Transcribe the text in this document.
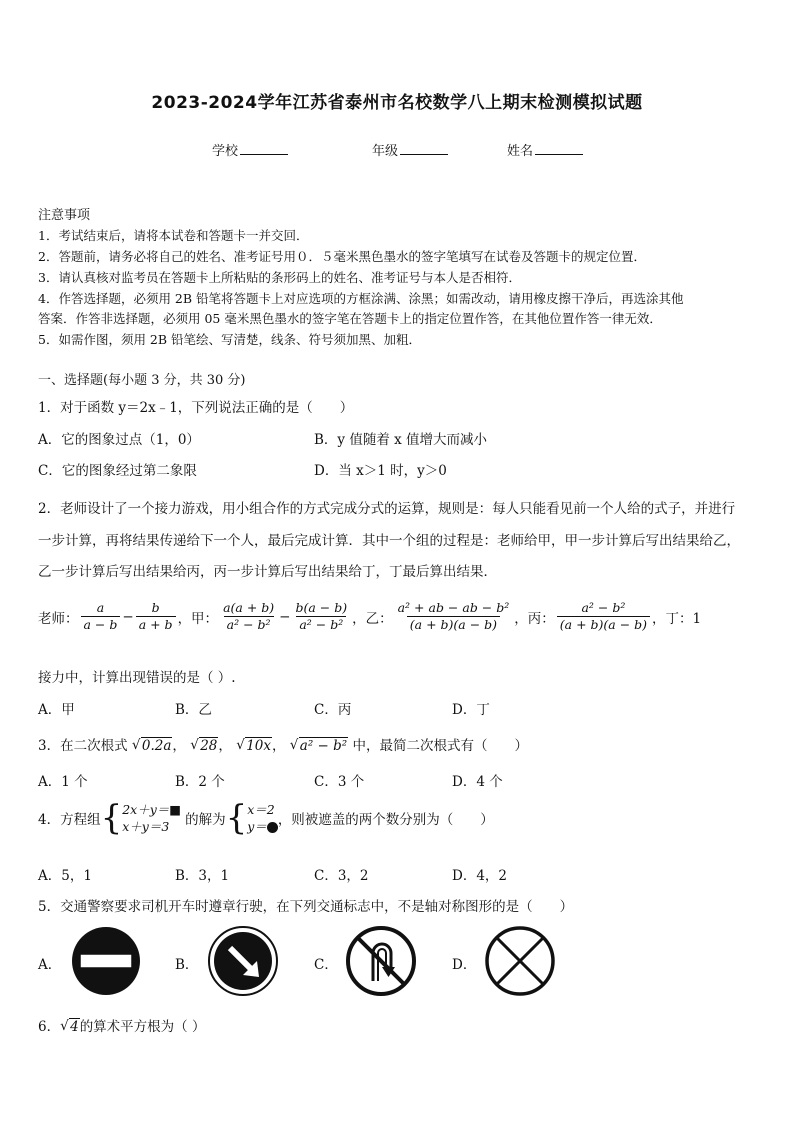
2023-2024学年江苏省泰州市名校数学八上期末检测模拟试题
学校	年级	姓名
注意事项
1．考试结束后，请将本试卷和答题卡一并交回．
2．答题前，请务必将自己的姓名、准考证号用０．５毫米黑色墨水的签字笔填写在试卷及答题卡的规定位置．
3．请认真核对监考员在答题卡上所粘贴的条形码上的姓名、准考证号与本人是否相符．
4．作答选择题，必须用 2B 铅笔将答题卡上对应选项的方框涂满、涂黑；如需改动，请用橡皮擦干净后，再选涂其他
答案．作答非选择题，必须用 05 毫米黑色墨水的签字笔在答题卡上的指定位置作答，在其他位置作答一律无效．
5．如需作图，须用 2B 铅笔绘、写清楚，线条、符号须加黑、加粗．
一、选择题(每小题 3 分，共 30 分)
1．对于函数 y＝2x﹣1，下列说法正确的是（　　）
A．它的图象过点（1，0）	B．y 值随着 x 值增大而减小
C．它的图象经过第二象限	D．当 x＞1 时，y＞0
2．老师设计了一个接力游戏，用小组合作的方式完成分式的运算，规则是：每人只能看见前一个人给的式子，并进行
一步计算，再将结果传递给下一个人，最后完成计算．其中一个组的过程是：老师给甲，甲一步计算后写出结果给乙，
乙一步计算后写出结果给丙，丙一步计算后写出结果给丁，丁最后算出结果．
老师： $\frac{a}{a - b} - \frac{b}{a + b}$ ，甲： $\frac{a(a + b)}{\text{a² − b²}} - \frac{b(a - b)}{\text{a² − b²}}$ ，乙： $\frac{\text{a² + ab − ab − b²}}{(a + b)(a - b)}$ ，丙： $\frac{\text{a² − b²}}{(a + b)(a - b)}$ ，丁：1
接力中，计算出现错误的是（ ）.
A．甲	B．乙	C．丙	D．丁
3．在二次根式 √ 0.2a， √ 28， √ 10x， √ a² − b² 中，最简二次根式有（　　）
A．1 个	B．2 个	C．3 个	D．4 个
4．方程组 { 2x＋y＝■
x＋y＝3	的解为 { x＝2
y＝ ，则被遮盖的两个数分别为（　　）
A．5，1	B．3，1	C．3，2	D．4，2
5．交通警察要求司机开车时遵章行驶，在下列交通标志中，不是轴对称图形的是（　　）
A．	B．	C．	D．
6． √ 4的算术平方根为（ ）
